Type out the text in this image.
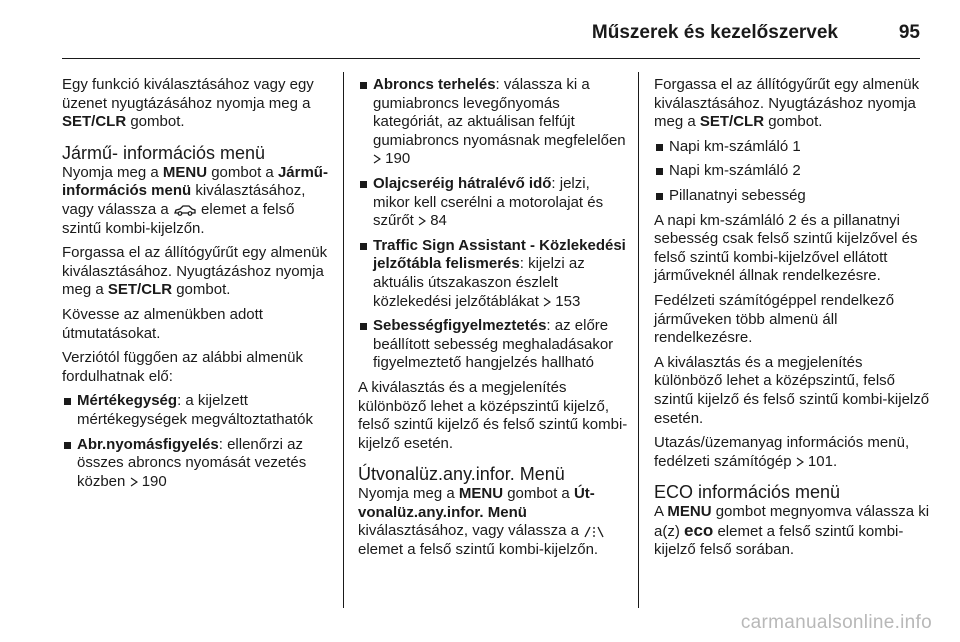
Műszerek és kezelőszervek	95

Egy funkció kiválasztásához vagy egy üzenet nyugtázásához nyomja meg a SET/CLR gombot.

Jármű- információs menü

Nyomja meg a MENU gombot a Jármű- információs menü kiválasztásához, vagy válassza a  elemet a felső szintű kombi-kijelzőn.

Forgassa el az állítógyűrűt egy almenük kiválasztásához. Nyugtázáshoz nyomja meg a SET/CLR gombot.

Kövesse az almenükben adott útmutatásokat.

Verziótól függően az alábbi almenük fordulhatnak elő:

Mértékegység: a kijelzett mértékegységek megváltoztathatók
Abr.nyomásfigyelés: ellenőrzi az összes abroncs nyomását vezetés közben  190
Abroncs terhelés: válassza ki a gumiabroncs levegőnyomás kategóriát, az aktuálisan felfújt gumiabroncs nyomásnak megfelelően  190
Olajcseréig hátralévő idő: jelzi, mikor kell cserélni a motorolajat és szűrőt  84
Traffic Sign Assistant - Közlekedési jelzőtábla felismerés: kijelzi az aktuális útszakaszon észlelt közlekedési jelzőtáblákat  153
Sebességfigyelmeztetés: az előre beállított sebesség meghaladásakor figyelmeztető hangjelzés hallható

A kiválasztás és a megjelenítés különböző lehet a középszintű kijelző, felső szintű kijelző és felső szintű kombi-kijelző esetén.

Útvonalüz.any.infor. Menü

Nyomja meg a MENU gombot a Út-vonalüz.any.infor. Menü kiválasztásához, vagy válassza a  elemet a felső szintű kombi-kijelzőn.

Forgassa el az állítógyűrűt egy almenük kiválasztásához. Nyugtázáshoz nyomja meg a SET/CLR gombot.

Napi km-számláló 1
Napi km-számláló 2
Pillanatnyi sebesség

A napi km-számláló 2 és a pillanatnyi sebesség csak felső szintű kijelzővel és felső szintű kombi-kijelzővel ellátott járműveknél állnak rendelkezésre.

Fedélzeti számítógéppel rendelkező járműveken több almenü áll rendelkezésre.

A kiválasztás és a megjelenítés különböző lehet a középszintű, felső szintű kijelző és felső szintű kombi-kijelző esetén.

Utazás/üzemanyag információs menü, fedélzeti számítógép  101.

ECO információs menü

A MENU gombot megnyomva válassza ki a(z) eco elemet a felső szintű kombi-kijelző felső sorában.

carmanualsonline.info
